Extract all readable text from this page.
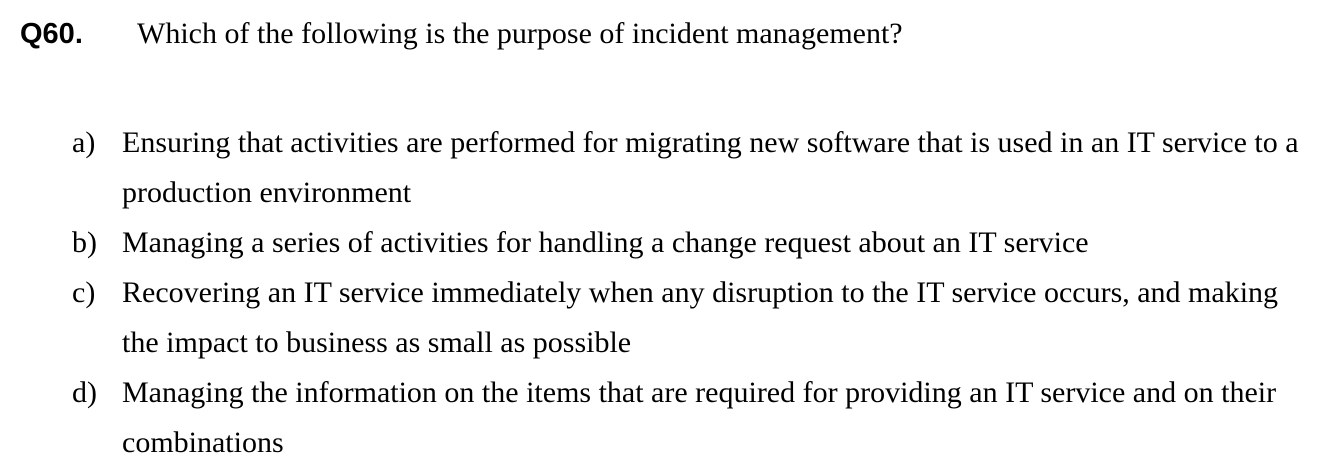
Q60. Which of the following is the purpose of incident management?
a) Ensuring that activities are performed for migrating new software that is used in an IT service to a production environment
b) Managing a series of activities for handling a change request about an IT service
c) Recovering an IT service immediately when any disruption to the IT service occurs, and making the impact to business as small as possible
d) Managing the information on the items that are required for providing an IT service and on their combinations
